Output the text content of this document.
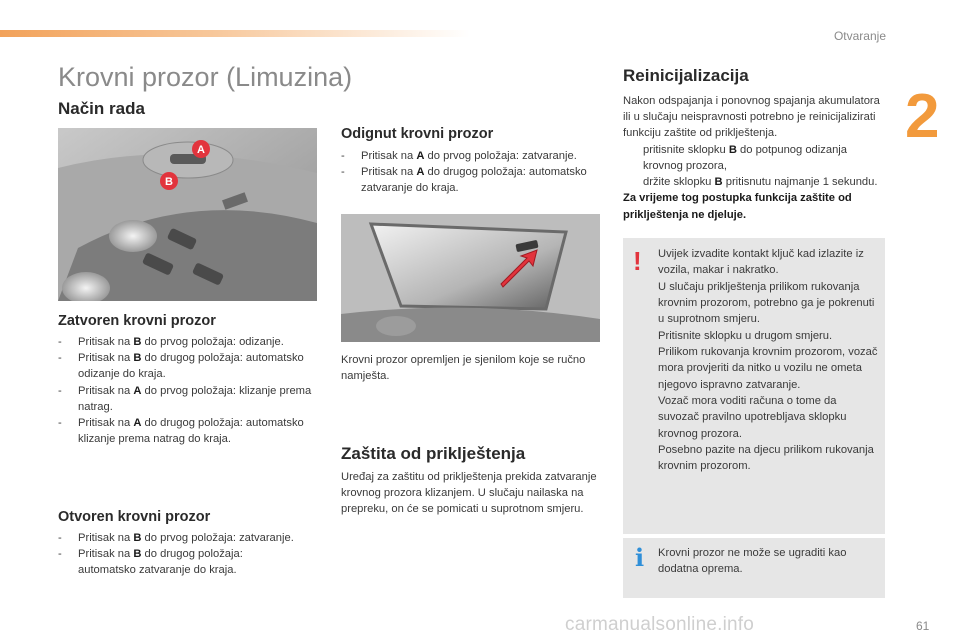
Otvaranje
2
Krovni prozor (Limuzina)
Način rada
A
B
Zatvoren krovni prozor
- Pritisak na B do prvog položaja: odizanje.
- Pritisak na B do drugog položaja: automatsko odizanje do kraja.
- Pritisak na A do prvog položaja: klizanje prema natrag.
- Pritisak na A do drugog položaja: automatsko klizanje prema natrag do kraja.
Otvoren krovni prozor
- Pritisak na B do prvog položaja: zatvaranje.
- Pritisak na B do drugog položaja: automatsko zatvaranje do kraja.
Odignut krovni prozor
- Pritisak na A do prvog položaja: zatvaranje.
- Pritisak na A do drugog položaja: automatsko zatvaranje do kraja.
Krovni prozor opremljen je sjenilom koje se ručno namješta.
Zaštita od priklještenja
Uređaj za zaštitu od priklještenja prekida zatvaranje krovnog prozora klizanjem. U slučaju nailaska na prepreku, on će se pomicati u suprotnom smjeru.
Reinicijalizacija
Nakon odspajanja i ponovnog spajanja akumulatora ili u slučaju neispravnosti potrebno je reinicijalizirati funkciju zaštite od priklještenja.
pritisnite sklopku B do potpunog odizanja krovnog prozora,
držite sklopku B pritisnutu najmanje 1 sekundu.
Za vrijeme tog postupka funkcija zaštite od priklještenja ne djeluje.
! Uvijek izvadite kontakt ključ kad izlazite iz vozila, makar i nakratko.
U slučaju priklještenja prilikom rukovanja krovnim prozorom, potrebno ga je pokrenuti u suprotnom smjeru.
Pritisnite sklopku u drugom smjeru.
Prilikom rukovanja krovnim prozorom, vozač mora provjeriti da nitko u vozilu ne ometa njegovo ispravno zatvaranje.
Vozač mora voditi računa o tome da suvozač pravilno upotrebljava sklopku krovnog prozora.
Posebno pazite na djecu prilikom rukovanja krovnim prozorom.
i Krovni prozor ne može se ugraditi kao dodatna oprema.
carmanualsonline.info	61
